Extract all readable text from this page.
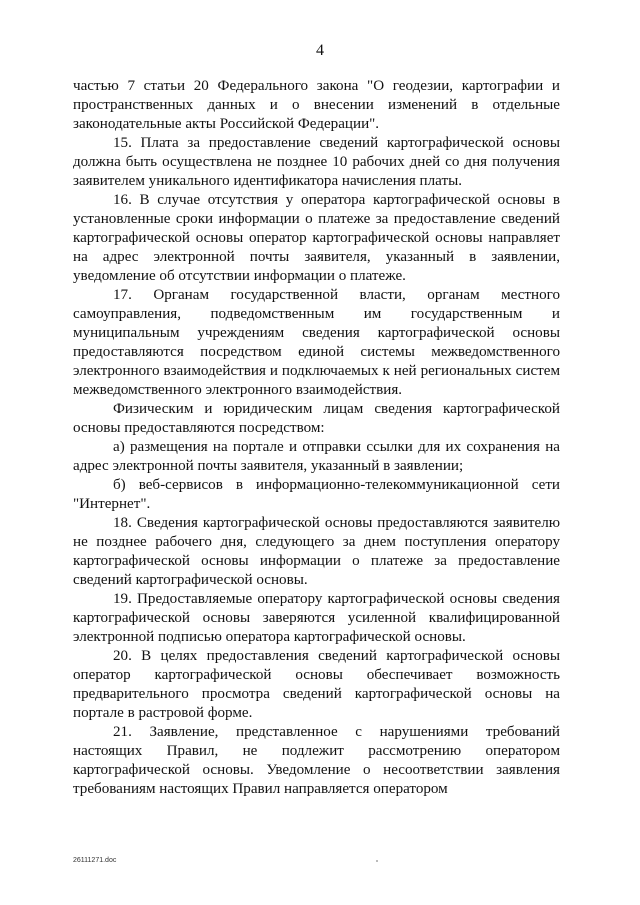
4

частью 7 статьи 20 Федерального закона "О геодезии, картографии и пространственных данных и о внесении изменений в отдельные законодательные акты Российской Федерации".

15. Плата за предоставление сведений картографической основы должна быть осуществлена не позднее 10 рабочих дней со дня получения заявителем уникального идентификатора начисления платы.

16. В случае отсутствия у оператора картографической основы в установленные сроки информации о платеже за предоставление сведений картографической основы оператор картографической основы направляет на адрес электронной почты заявителя, указанный в заявлении, уведомление об отсутствии информации о платеже.

17. Органам государственной власти, органам местного самоуправления, подведомственным им государственным и муниципальным учреждениям сведения картографической основы предоставляются посредством единой системы межведомственного электронного взаимодействия и подключаемых к ней региональных систем межведомственного электронного взаимодействия.

Физическим и юридическим лицам сведения картографической основы предоставляются посредством:

а) размещения на портале и отправки ссылки для их сохранения на адрес электронной почты заявителя, указанный в заявлении;

б) веб-сервисов в информационно-телекоммуникационной сети "Интернет".

18. Сведения картографической основы предоставляются заявителю не позднее рабочего дня, следующего за днем поступления оператору картографической основы информации о платеже за предоставление сведений картографической основы.

19. Предоставляемые оператору картографической основы сведения картографической основы заверяются усиленной квалифицированной электронной подписью оператора картографической основы.

20. В целях предоставления сведений картографической основы оператор картографической основы обеспечивает возможность предварительного просмотра сведений картографической основы на портале в растровой форме.

21. Заявление, представленное с нарушениями требований настоящих Правил, не подлежит рассмотрению оператором картографической основы. Уведомление о несоответствии заявления требованиям настоящих Правил направляется оператором

26111271.doc
